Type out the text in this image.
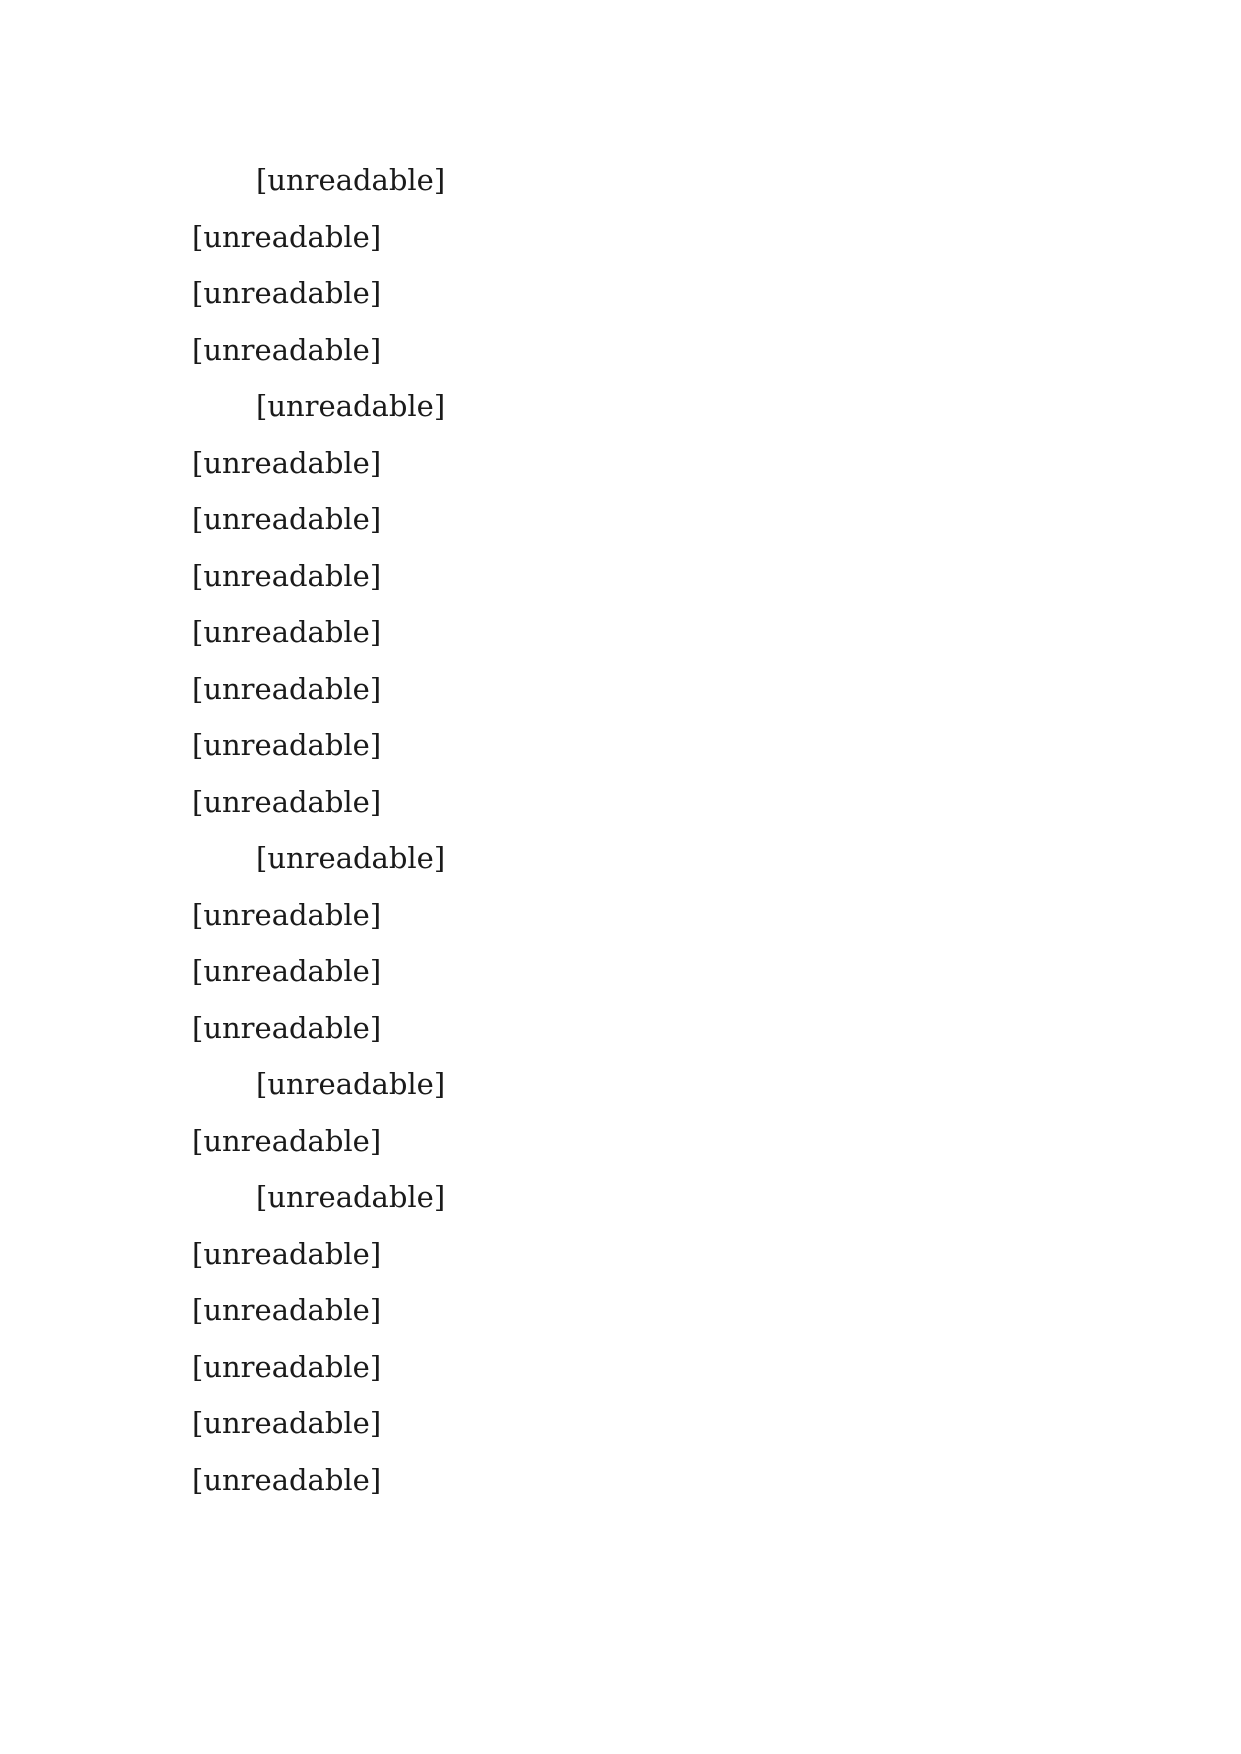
[unreadable]
[unreadable]
[unreadable]
[unreadable]
[unreadable]
[unreadable]
[unreadable]
[unreadable]
[unreadable]
[unreadable]
[unreadable]
[unreadable]
[unreadable]
[unreadable]
[unreadable]
[unreadable]
[unreadable]
[unreadable]
[unreadable]
[unreadable]
[unreadable]
[unreadable]
[unreadable]
[unreadable]
